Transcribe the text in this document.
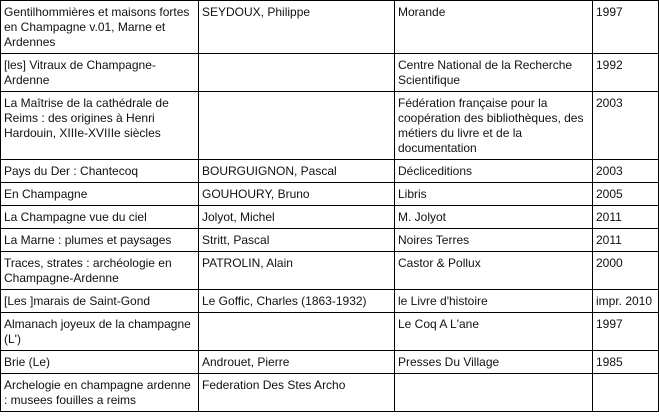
Gentilhommières et maisons fortes en Champagne v.01, Marne et Ardennes	SEYDOUX, Philippe	Morande	1997
[les] Vitraux de Champagne-Ardenne		Centre National de la Recherche Scientifique	1992
La Maîtrise de la cathédrale de Reims : des origines à Henri Hardouin, XIIIe-XVIIIe siècles		Fédération française pour la coopération des bibliothèques, des métiers du livre et de la documentation	2003
Pays du Der : Chantecoq	BOURGUIGNON, Pascal	Décliceditions	2003
En Champagne	GOUHOURY, Bruno	Libris	2005
La Champagne vue du ciel	Jolyot, Michel	M. Jolyot	2011
La Marne : plumes et paysages	Stritt, Pascal	Noires Terres	2011
Traces, strates : archéologie en Champagne-Ardenne	PATROLIN, Alain	Castor & Pollux	2000
[Les ]marais de Saint-Gond	Le Goffic, Charles (1863-1932)	le Livre d'histoire	impr. 2010
Almanach joyeux de la champagne (L')		Le Coq A L'ane	1997
Brie (Le)	Androuet, Pierre	Presses Du Village	1985
Archelogie en champagne ardenne : musees fouilles a reims	Federation Des Stes Archo		
